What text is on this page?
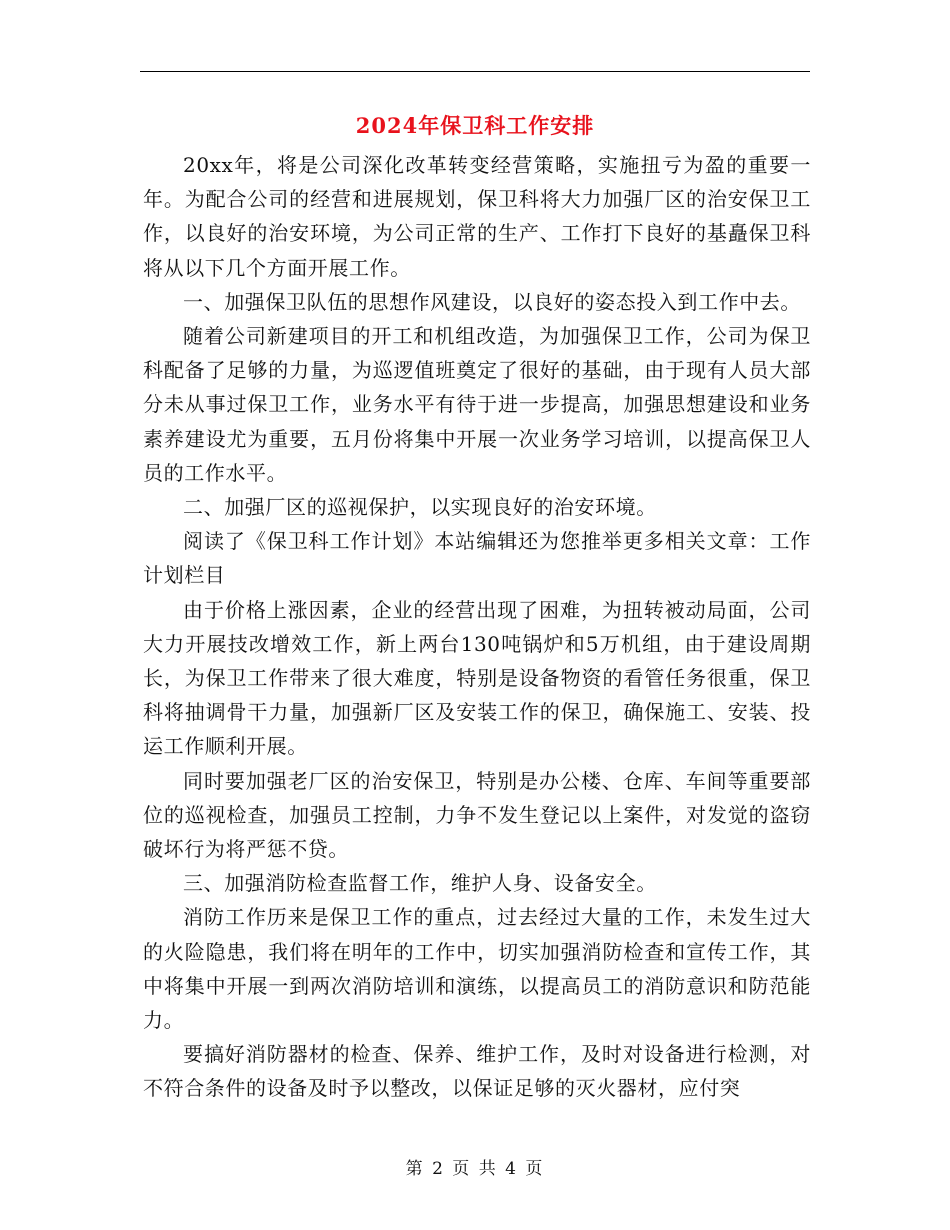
2024年保卫科工作安排

20xx年，将是公司深化改革转变经营策略，实施扭亏为盈的重要一年。为配合公司的经营和进展规划，保卫科将大力加强厂区的治安保卫工作，以良好的治安环境，为公司正常的生产、工作打下良好的基矗保卫科将从以下几个方面开展工作。

一、加强保卫队伍的思想作风建设，以良好的姿态投入到工作中去。

随着公司新建项目的开工和机组改造，为加强保卫工作，公司为保卫科配备了足够的力量，为巡逻值班奠定了很好的基础，由于现有人员大部分未从事过保卫工作，业务水平有待于进一步提高，加强思想建设和业务素养建设尤为重要，五月份将集中开展一次业务学习培训，以提高保卫人员的工作水平。

二、加强厂区的巡视保护，以实现良好的治安环境。

阅读了《保卫科工作计划》本站编辑还为您推举更多相关文章：工作计划栏目

由于价格上涨因素，企业的经营出现了困难，为扭转被动局面，公司大力开展技改增效工作，新上两台130吨锅炉和5万机组，由于建设周期长，为保卫工作带来了很大难度，特别是设备物资的看管任务很重，保卫科将抽调骨干力量，加强新厂区及安装工作的保卫，确保施工、安装、投运工作顺利开展。

同时要加强老厂区的治安保卫，特别是办公楼、仓库、车间等重要部位的巡视检查，加强员工控制，力争不发生登记以上案件，对发觉的盗窃破坏行为将严惩不贷。

三、加强消防检查监督工作，维护人身、设备安全。

消防工作历来是保卫工作的重点，过去经过大量的工作，未发生过大的火险隐患，我们将在明年的工作中，切实加强消防检查和宣传工作，其中将集中开展一到两次消防培训和演练，以提高员工的消防意识和防范能力。

要搞好消防器材的检查、保养、维护工作，及时对设备进行检测，对不符合条件的设备及时予以整改，以保证足够的灭火器材，应付突

第 2 页 共 4 页
